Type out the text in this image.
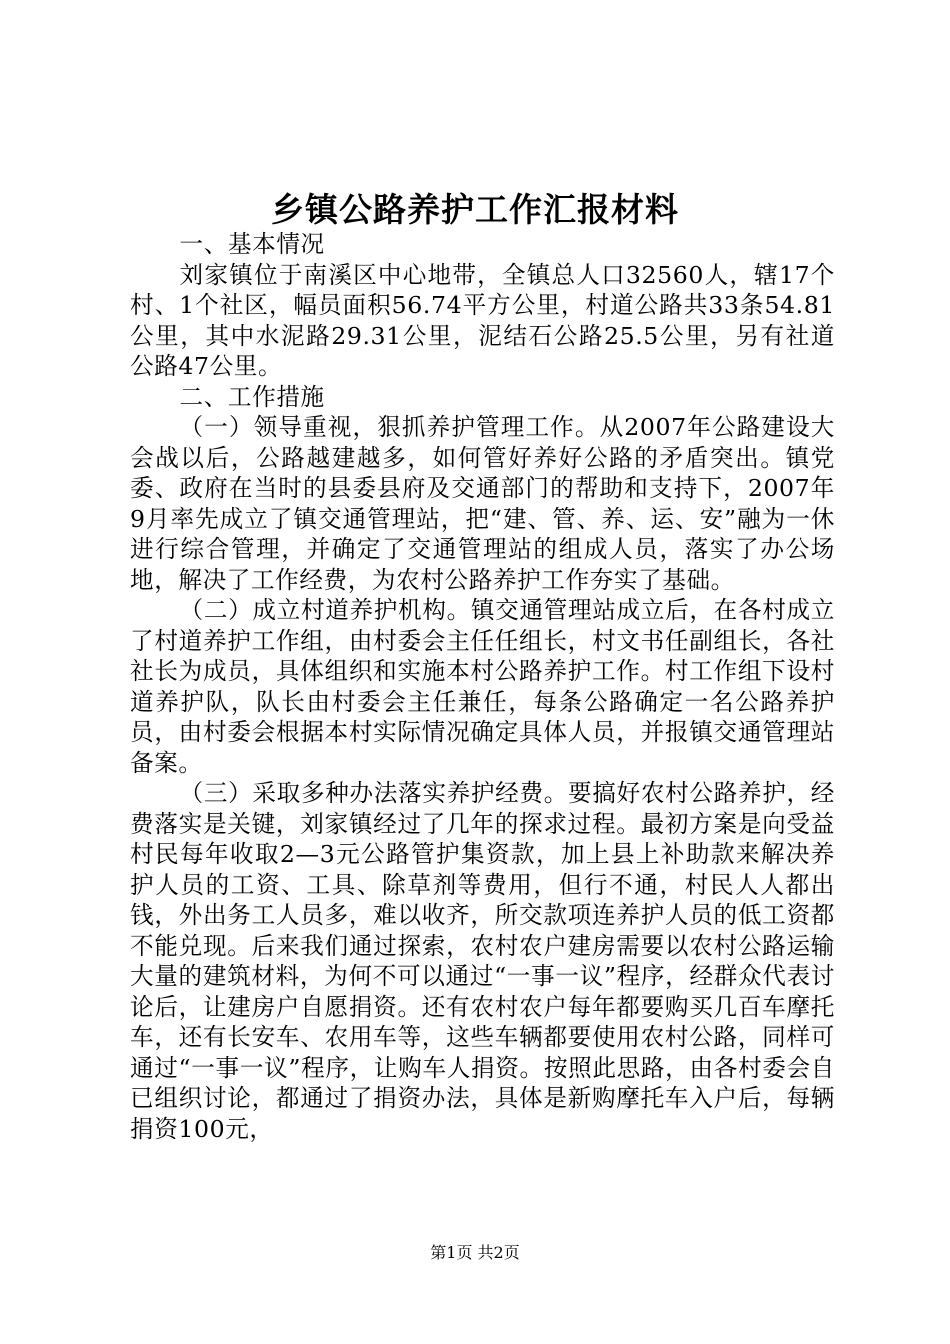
乡镇公路养护工作汇报材料

一、基本情况

刘家镇位于南溪区中心地带，全镇总人口32560人，辖17个村、1个社区，幅员面积56.74平方公里，村道公路共33条54.81公里，其中水泥路29.31公里，泥结石公路25.5公里，另有社道公路47公里。

二、工作措施

（一）领导重视，狠抓养护管理工作。从2007年公路建设大会战以后，公路越建越多，如何管好养好公路的矛盾突出。镇党委、政府在当时的县委县府及交通部门的帮助和支持下，2007年9月率先成立了镇交通管理站，把“建、管、养、运、安”融为一休进行综合管理，并确定了交通管理站的组成人员，落实了办公场地，解决了工作经费，为农村公路养护工作夯实了基础。

（二）成立村道养护机构。镇交通管理站成立后，在各村成立了村道养护工作组，由村委会主任任组长，村文书任副组长，各社社长为成员，具体组织和实施本村公路养护工作。村工作组下设村道养护队，队长由村委会主任兼任，每条公路确定一名公路养护员，由村委会根据本村实际情况确定具体人员，并报镇交通管理站备案。

（三）采取多种办法落实养护经费。要搞好农村公路养护，经费落实是关键，刘家镇经过了几年的探求过程。最初方案是向受益村民每年收取2—3元公路管护集资款，加上县上补助款来解决养护人员的工资、工具、除草剂等费用，但行不通，村民人人都出钱，外出务工人员多，难以收齐，所交款项连养护人员的低工资都不能兑现。后来我们通过探索，农村农户建房需要以农村公路运输大量的建筑材料，为何不可以通过“一事一议”程序，经群众代表讨论后，让建房户自愿捐资。还有农村农户每年都要购买几百车摩托车，还有长安车、农用车等，这些车辆都要使用农村公路，同样可通过“一事一议”程序，让购车人捐资。按照此思路，由各村委会自已组织讨论，都通过了捐资办法，具体是新购摩托车入户后，每辆捐资100元，

第1页 共2页
